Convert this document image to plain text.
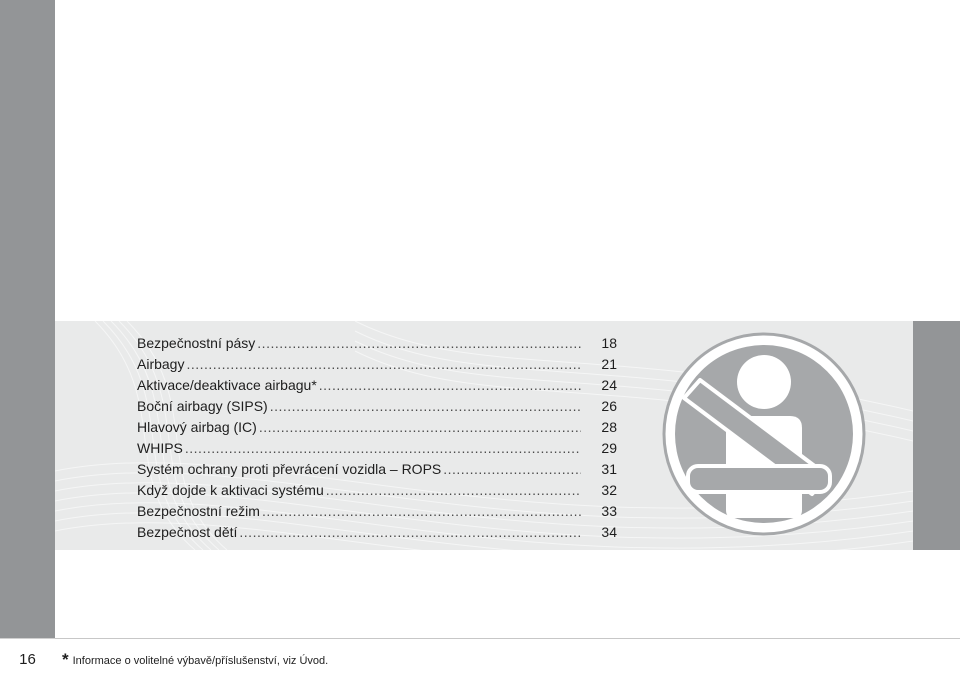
Bezpečnostní pásy .....	18
Airbagy .....	21
Aktivace/deaktivace airbagu* .....	24
Boční airbagy (SIPS) .....	26
Hlavový airbag (IC) .....	28
WHIPS .....	29
Systém ochrany proti převrácení vozidla – ROPS .....	31
Když dojde k aktivaci systému .....	32
Bezpečnostní režim .....	33
Bezpečnost dětí .....	34
16	* Informace o volitelné výbavě/příslušenství, viz Úvod.
